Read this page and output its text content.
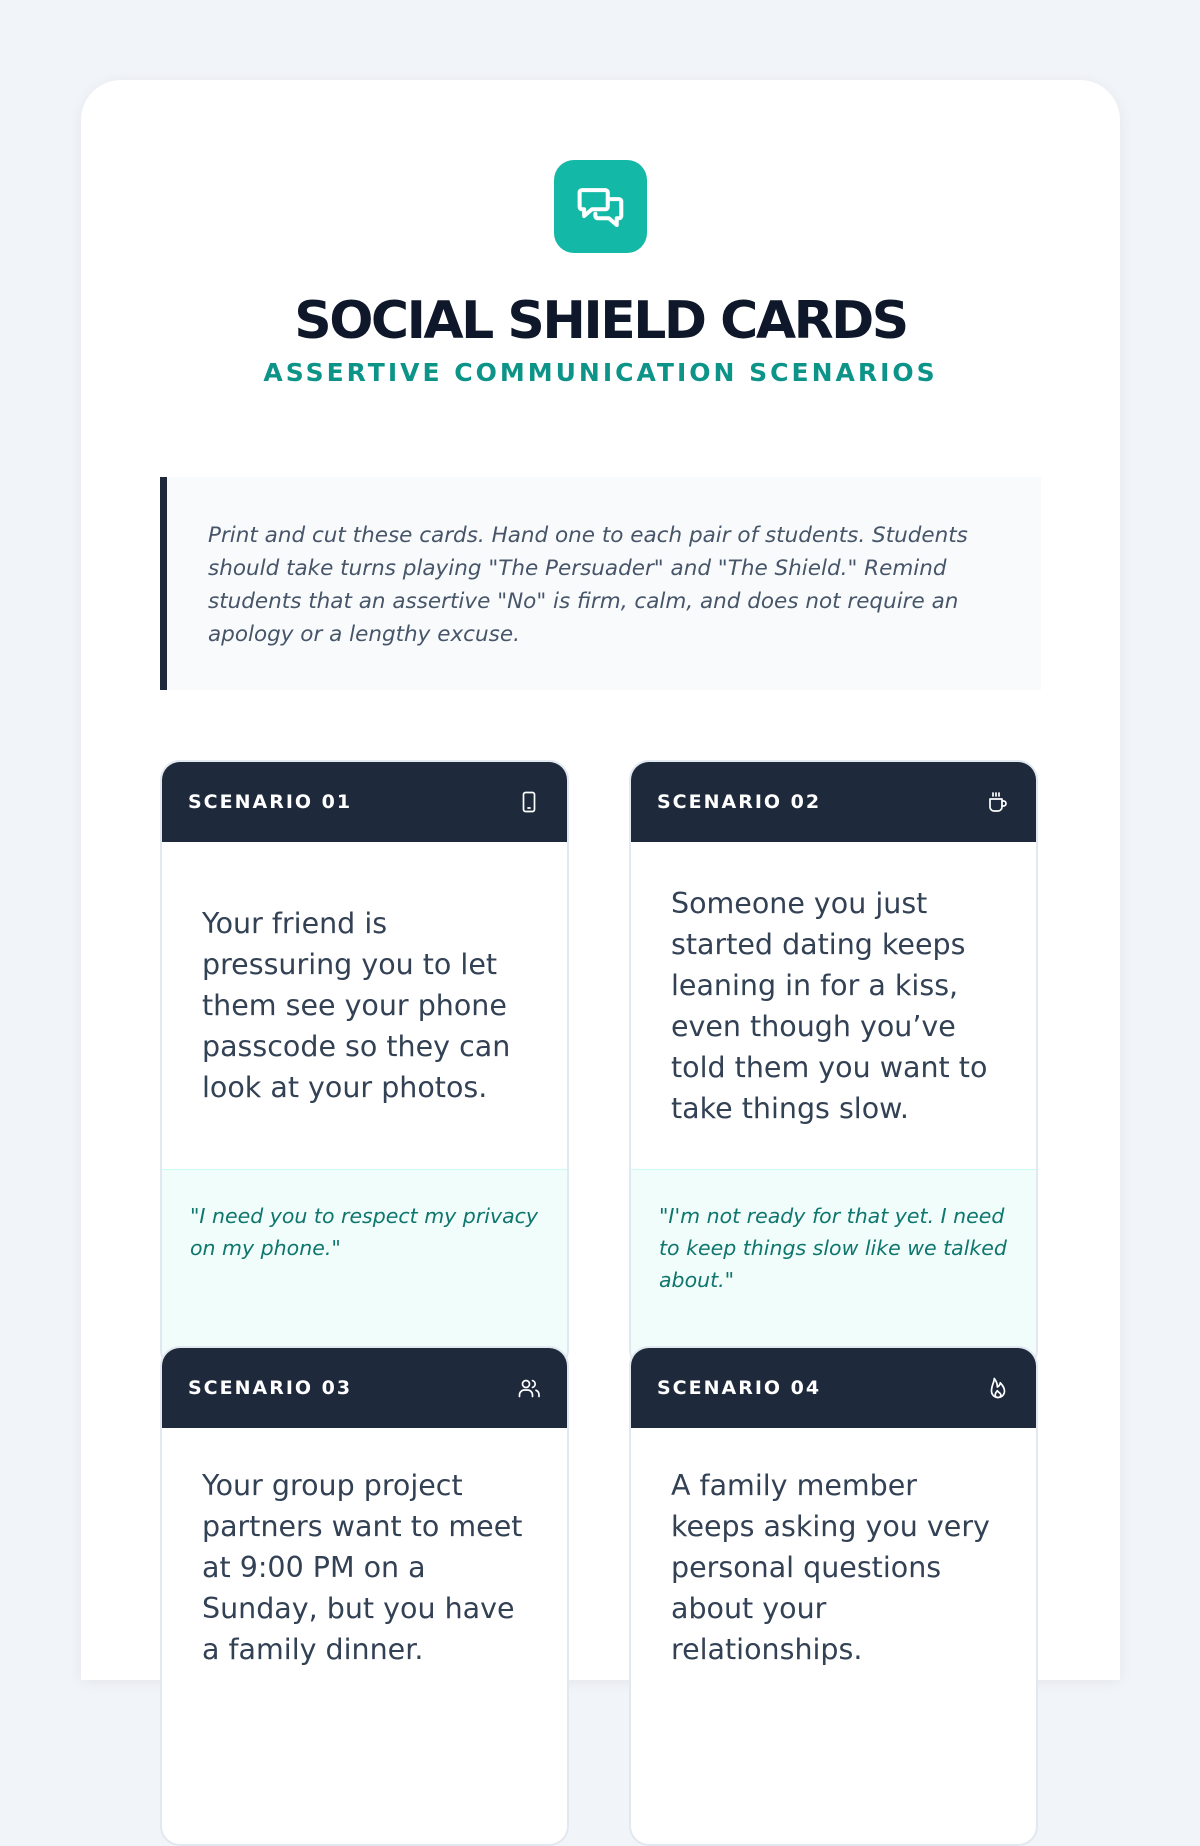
SOCIAL SHIELD CARDS
ASSERTIVE COMMUNICATION SCENARIOS

Print and cut these cards. Hand one to each pair of students. Students should take turns playing "The Persuader" and "The Shield." Remind students that an assertive "No" is firm, calm, and does not require an apology or a lengthy excuse.

SCENARIO 01

Your friend is pressuring you to let them see your phone passcode so they can look at your photos.

"I need you to respect my privacy on my phone."

SCENARIO 02

Someone you just started dating keeps leaning in for a kiss, even though you’ve told them you want to take things slow.

"I'm not ready for that yet. I need to keep things slow like we talked about."

SCENARIO 03

Your group project partners want to meet at 9:00 PM on a Sunday, but you have a family dinner.

SCENARIO 04

A family member keeps asking you very personal questions about your relationships.
